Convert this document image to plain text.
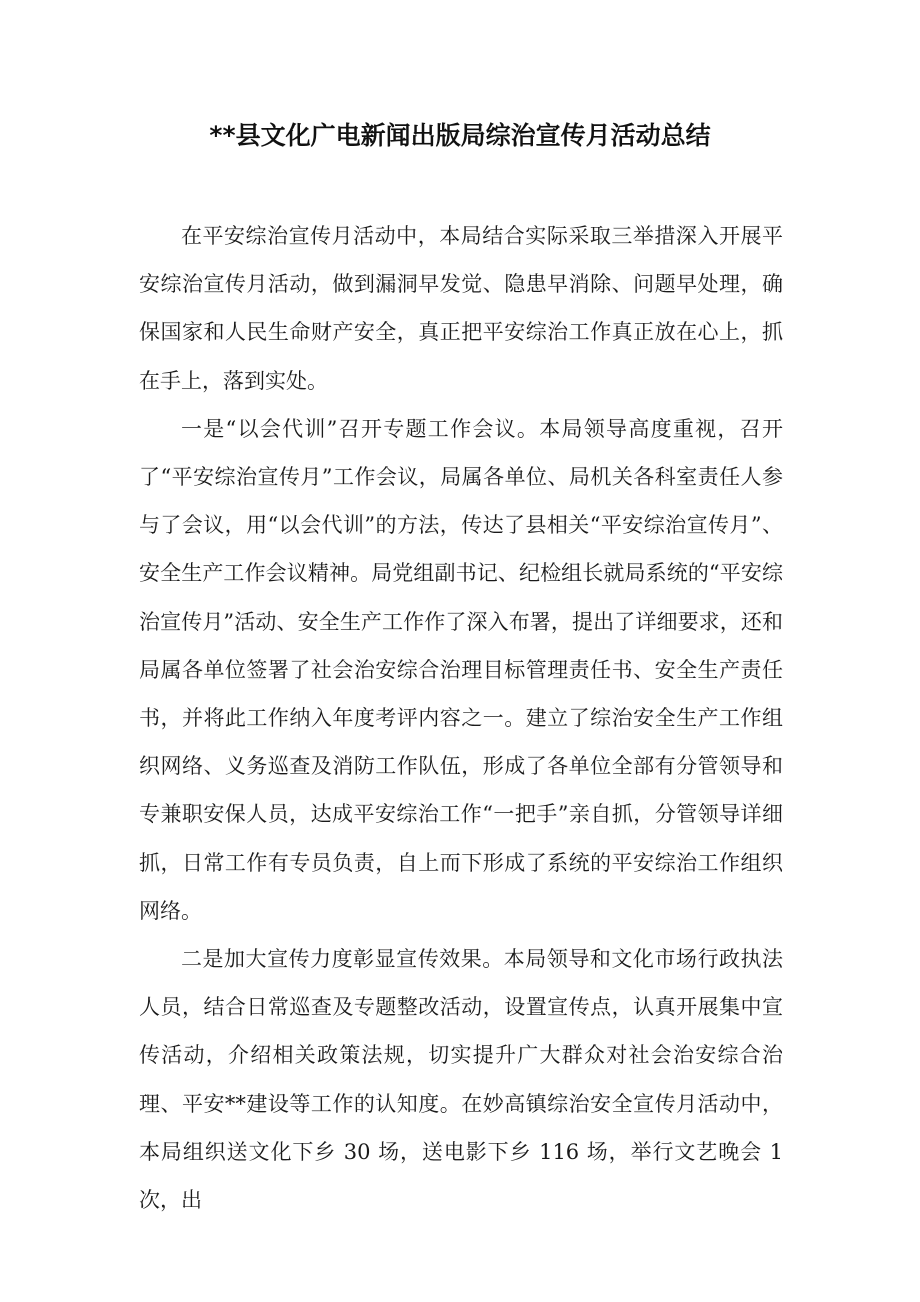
**县文化广电新闻出版局综治宣传月活动总结

在平安综治宣传月活动中，本局结合实际采取三举措深入开展平安综治宣传月活动，做到漏洞早发觉、隐患早消除、问题早处理，确保国家和人民生命财产安全，真正把平安综治工作真正放在心上，抓在手上，落到实处。

一是“以会代训”召开专题工作会议。本局领导高度重视，召开了“平安综治宣传月”工作会议，局属各单位、局机关各科室责任人参与了会议，用“以会代训”的方法，传达了县相关“平安综治宣传月”、安全生产工作会议精神。局党组副书记、纪检组长就局系统的“平安综治宣传月”活动、安全生产工作作了深入布署，提出了详细要求，还和局属各单位签署了社会治安综合治理目标管理责任书、安全生产责任书，并将此工作纳入年度考评内容之一。建立了综治安全生产工作组织网络、义务巡查及消防工作队伍，形成了各单位全部有分管领导和专兼职安保人员，达成平安综治工作“一把手”亲自抓，分管领导详细抓，日常工作有专员负责，自上而下形成了系统的平安综治工作组织网络。

二是加大宣传力度彰显宣传效果。本局领导和文化市场行政执法人员，结合日常巡查及专题整改活动，设置宣传点，认真开展集中宣传活动，介绍相关政策法规，切实提升广大群众对社会治安综合治理、平安**建设等工作的认知度。在妙高镇综治安全宣传月活动中，本局组织送文化下乡 30 场，送电影下乡 116 场，举行文艺晚会 1 次，出
